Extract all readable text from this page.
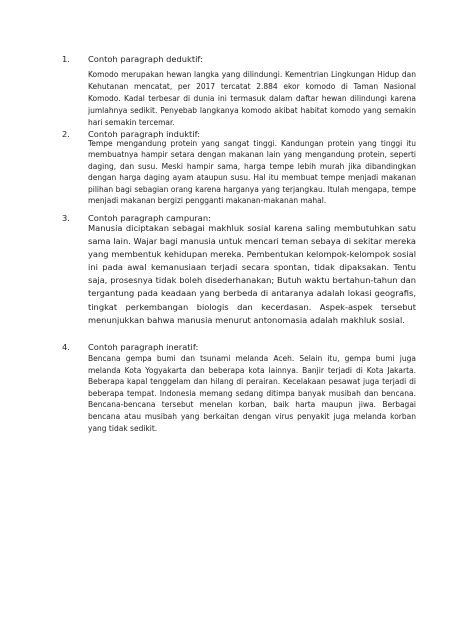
1.	Contoh paragraph deduktif:

Komodo merupakan hewan langka yang dilindungi. Kementrian Lingkungan Hidup dan Kehutanan mencatat, per 2017 tercatat 2.884 ekor komodo di Taman Nasional Komodo. Kadal terbesar di dunia ini termasuk dalam daftar hewan dilindungi karena jumlahnya sedikit. Penyebab langkanya komodo akibat habitat komodo yang semakin hari semakin tercemar.

2.	Contoh paragraph induktif:

Tempe mengandung protein yang sangat tinggi. Kandungan protein yang tinggi itu membuatnya hampir setara dengan makanan lain yang mengandung protein, seperti daging, dan susu. Meski hampir sama, harga tempe lebih murah jika dibandingkan dengan harga daging ayam ataupun susu. Hal itu membuat tempe menjadi makanan pilihan bagi sebagian orang karena harganya yang terjangkau. Itulah mengapa, tempe menjadi makanan bergizi pengganti makanan-makanan mahal.

3.	Contoh paragraph campuran:

Manusia diciptakan sebagai makhluk sosial karena saling membutuhkan satu sama lain. Wajar bagi manusia untuk mencari teman sebaya di sekitar mereka yang membentuk kehidupan mereka. Pembentukan kelompok-kelompok sosial ini pada awal kemanusiaan terjadi secara spontan, tidak dipaksakan. Tentu saja, prosesnya tidak boleh disederhanakan; Butuh waktu bertahun-tahun dan tergantung pada keadaan yang berbeda di antaranya adalah lokasi geografis, tingkat perkembangan biologis dan kecerdasan. Aspek-aspek tersebut menunjukkan bahwa manusia menurut antonomasia adalah makhluk sosial.

4.	Contoh paragraph ineratif:

Bencana gempa bumi dan tsunami melanda Aceh. Selain itu, gempa bumi juga melanda Kota Yogyakarta dan beberapa kota lainnya. Banjir terjadi di Kota Jakarta. Beberapa kapal tenggelam dan hilang di perairan. Kecelakaan pesawat juga terjadi di beberapa tempat. Indonesia memang sedang ditimpa banyak musibah dan bencana. Bencana-bencana tersebut menelan korban, baik harta maupun jiwa. Berbagai bencana atau musibah yang berkaitan dengan virus penyakit juga melanda korban yang tidak sedikit.
